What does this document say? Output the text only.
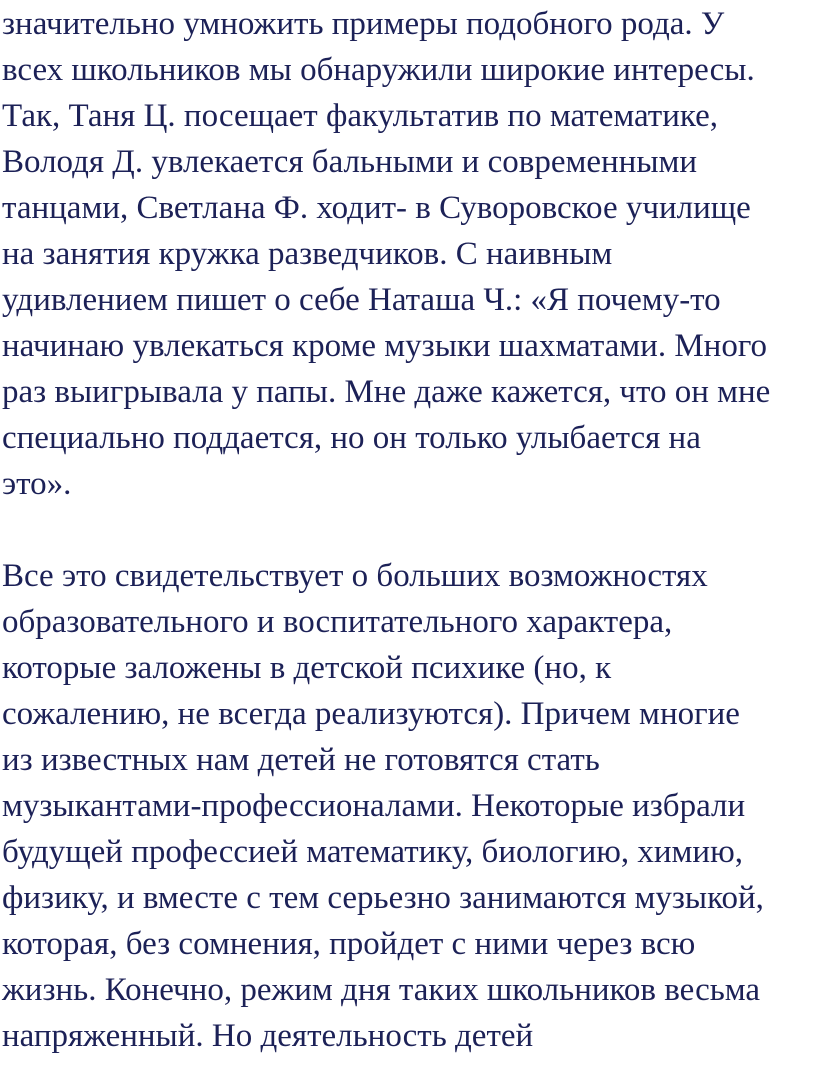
значительно умножить примеры подобного рода. У

всех школьников мы обнаружили широкие интересы.

Так, Таня Ц. посещает факультатив по математике,

Володя Д. увлекается бальными и современными

танцами, Светлана Ф. ходит- в Суворовское училище

на занятия кружка разведчиков. С наивным

удивлением пишет о себе Наташа Ч.: «Я почему-то

начинаю увлекаться кроме музыки шахматами. Много

раз выигрывала у папы. Мне даже кажется, что он мне

специально поддается, но он только улыбается на

это».

Все это свидетельствует о больших возможностях

образовательного и воспитательного характера,

которые заложены в детской психике (но, к

сожалению, не всегда реализуются). Причем многие

из известных нам детей не готовятся стать

музыкантами-профессионалами. Некоторые избрали

будущей профессией математику, биологию, химию,

физику, и вместе с тем серьезно занимаются музыкой,

которая, без сомнения, пройдет с ними через всю

жизнь. Конечно, режим дня таких школьников весьма

напряженный. Но деятельность детей
